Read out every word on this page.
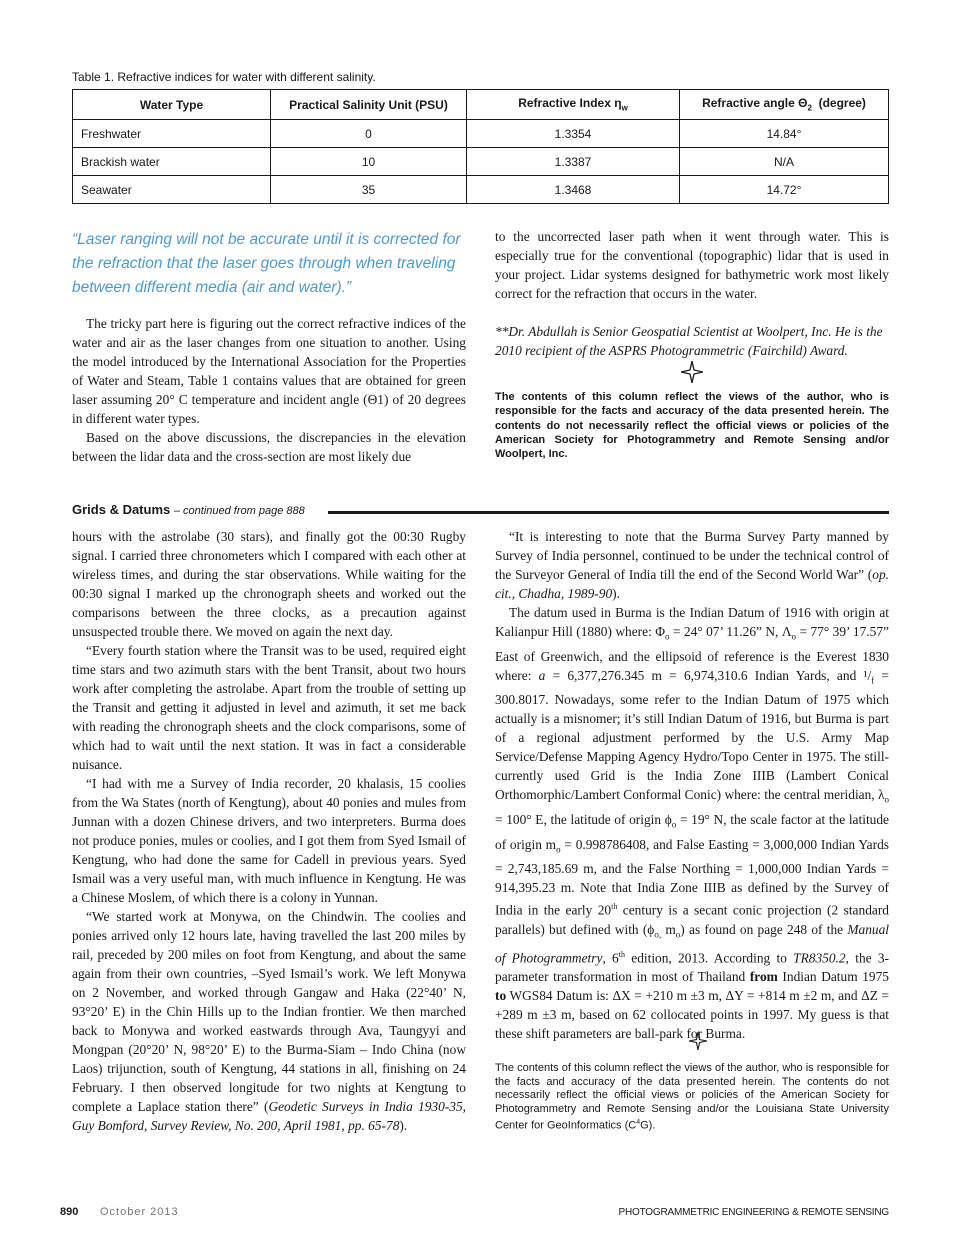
Table 1. Refractive indices for water with different salinity.
Water Type	Practical Salinity Unit (PSU)	Refractive Index $\eta_w$	Refractive angle $\Theta_2$ (degree)
Freshwater	0	1.3354	14.84°
Brackish water	10	1.3387	N/A
Seawater	35	1.3468	14.72°
“Laser ranging will not be accurate until it is corrected for the refraction that the laser goes through when traveling between different media (air and water).”

The tricky part here is figuring out the correct refractive indices of the water and air as the laser changes from one situation to another. Using the model introduced by the International Association for the Properties of Water and Steam, Table 1 contains values that are obtained for green laser assuming 20° C temperature and incident angle (Θ1) of 20 degrees in different water types.

Based on the above discussions, the discrepancies in the elevation between the lidar data and the cross-section are most likely due

to the uncorrected laser path when it went through water. This is especially true for the conventional (topographic) lidar that is used in your project. Lidar systems designed for bathymetric work most likely correct for the refraction that occurs in the water.

**Dr. Abdullah is Senior Geospatial Scientist at Woolpert, Inc. He is the 2010 recipient of the ASPRS Photogrammetric (Fairchild) Award.
The contents of this column reflect the views of the author, who is responsible for the facts and accuracy of the data presented herein. The contents do not necessarily reflect the official views or policies of the American Society for Photogrammetry and Remote Sensing and/or Woolpert, Inc.
Grids & Datums – continued from page 888

hours with the astrolabe (30 stars), and finally got the 00:30 Rugby signal. I carried three chronometers which I compared with each other at wireless times, and during the star observations. While waiting for the 00:30 signal I marked up the chronograph sheets and worked out the comparisons between the three clocks, as a precaution against unsuspected trouble there. We moved on again the next day.

“Every fourth station where the Transit was to be used, required eight time stars and two azimuth stars with the bent Transit, about two hours work after completing the astrolabe. Apart from the trouble of setting up the Transit and getting it adjusted in level and azimuth, it set me back with reading the chronograph sheets and the clock comparisons, some of which had to wait until the next station. It was in fact a considerable nuisance.

“I had with me a Survey of India recorder, 20 khalasis, 15 coolies from the Wa States (north of Kengtung), about 40 ponies and mules from Junnan with a dozen Chinese drivers, and two interpreters. Burma does not produce ponies, mules or coolies, and I got them from Syed Ismail of Kengtung, who had done the same for Cadell in previous years. Syed Ismail was a very useful man, with much influence in Kengtung. He was a Chinese Moslem, of which there is a colony in Yunnan.

“We started work at Monywa, on the Chindwin. The coolies and ponies arrived only 12 hours late, having travelled the last 200 miles by rail, preceded by 200 miles on foot from Kengtung, and about the same again from their own countries, –Syed Ismail’s work. We left Monywa on 2 November, and worked through Gangaw and Haka (22°40’ N, 93°20’ E) in the Chin Hills up to the Indian frontier. We then marched back to Monywa and worked eastwards through Ava, Taungyyi and Mongpan (20°20’ N, 98°20’ E) to the Burma-Siam – Indo China (now Laos) trijunction, south of Kengtung, 44 stations in all, finishing on 24 February. I then observed longitude for two nights at Kengtung to complete a Laplace station there” (Geodetic Surveys in India 1930-35, Guy Bomford, Survey Review, No. 200, April 1981, pp. 65-78).

“It is interesting to note that the Burma Survey Party manned by Survey of India personnel, continued to be under the technical control of the Surveyor General of India till the end of the Second World War” (op. cit., Chadha, 1989-90).

The datum used in Burma is the Indian Datum of 1916 with origin at Kalianpur Hill (1880) where: $\Phi_o = 24^\circ$ 07’ 11.26” N, $\Lambda_o = 77^\circ$ 39’ 17.57” East of Greenwich, and the ellipsoid of reference is the Everest 1830 where: a = 6,377,276.345 m = 6,974,310.6 Indian Yards, and $^1/_f = 300.8017$. Nowadays, some refer to the Indian Datum of 1975 which actually is a misnomer; it’s still Indian Datum of 1916, but Burma is part of a regional adjustment performed by the U.S. Army Map Service/Defense Mapping Agency Hydro/Topo Center in 1975. The still-currently used Grid is the India Zone IIIB (Lambert Conical Orthomorphic/Lambert Conformal Conic) where: the central meridian, $\lambda_o = 100^\circ$ E, the latitude of origin $\phi_o = 19^\circ$ N, the scale factor at the latitude of origin $m_o = 0.998786408$, and False Easting = 3,000,000 Indian Yards = 2,743,185.69 m, and the False Northing = 1,000,000 Indian Yards = 914,395.23 m. Note that India Zone IIIB as defined by the Survey of India in the early 20th century is a secant conic projection (2 standard parallels) but defined with ($\phi_{o,}$ $m_o$) as found on page 248 of the Manual of Photogrammetry, 6th edition, 2013. According to TR8350.2, the 3-parameter transformation in most of Thailand from Indian Datum 1975 to WGS84 Datum is: ΔX = +210 m ±3 m, ΔY = +814 m ±2 m, and ΔZ = +289 m ±3 m, based on 62 collocated points in 1997. My guess is that these shift parameters are ball-park for Burma.

The contents of this column reflect the views of the author, who is responsible for the facts and accuracy of the data presented herein. The contents do not necessarily reflect the official views or policies of the American Society for Photogrammetry and Remote Sensing and/or the Louisiana State University Center for GeoInformatics $(C^4G)$.
890 October 2013	PHOTOGRAMMETRIC ENGINEERING & REMOTE SENSING
